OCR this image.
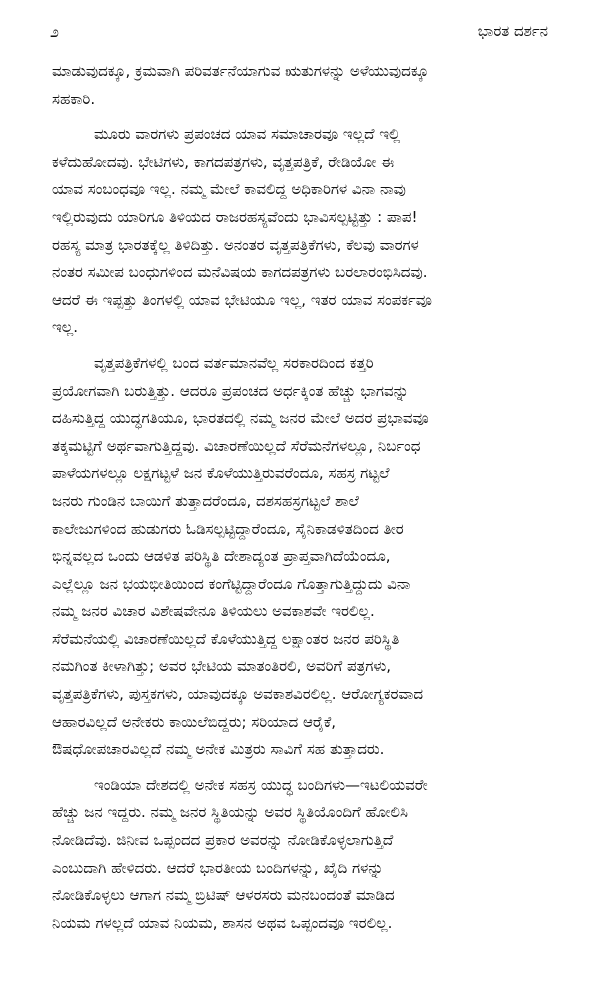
೨	ಭಾರತ ದರ್ಶನ
ಮಾಡುವುದಕ್ಕೂ, ಕ್ರಮವಾಗಿ ಪರಿವರ್ತನೆಯಾಗುವ ಋತುಗಳನ್ನು ಅಳೆಯುವುದಕ್ಕೂ
ಸಹಕಾರಿ.
ಮೂರು ವಾರಗಳು ಪ್ರಪಂಚದ ಯಾವ ಸಮಾಚಾರವೂ ಇಲ್ಲದೆ ಇಲ್ಲಿ
ಕಳೆದುಹೋದವು. ಭೇಟಿಗಳು, ಕಾಗದಪತ್ರಗಳು, ವೃತ್ತಪತ್ರಿಕೆ, ರೇಡಿಯೋ ಈ
ಯಾವ ಸಂಬಂಧವೂ ಇಲ್ಲ. ನಮ್ಮ ಮೇಲೆ ಕಾವಲಿದ್ದ ಅಧಿಕಾರಿಗಳ ವಿನಾ ನಾವು
ಇಲ್ಲಿರುವುದು ಯಾರಿಗೂ ತಿಳಿಯದ ರಾಜರಹಸ್ಯವೆಂದು ಭಾವಿಸಲ್ಪಟ್ಟಿತ್ತು : ಪಾಪ!
ರಹಸ್ಯ ಮಾತ್ರ ಭಾರತಕ್ಕೆಲ್ಲ ತಿಳಿದಿತ್ತು. ಅನಂತರ ವೃತ್ತಪತ್ರಿಕೆಗಳು, ಕೆಲವು ವಾರಗಳ
ನಂತರ ಸಮೀಪ ಬಂಧುಗಳಿಂದ ಮನೆವಿಷಯ ಕಾಗದಪತ್ರಗಳು ಬರಲಾರಂಭಿಸಿದವು.
ಆದರೆ ಈ ಇಪ್ಪತ್ತು ತಿಂಗಳಲ್ಲಿ ಯಾವ ಭೇಟಿಯೂ ಇಲ್ಲ, ಇತರ ಯಾವ ಸಂಪರ್ಕವೂ
ಇಲ್ಲ.
ವೃತ್ತಪತ್ರಿಕೆಗಳಲ್ಲಿ ಬಂದ ವರ್ತಮಾನವೆಲ್ಲ ಸರಕಾರದಿಂದ ಕತ್ತರಿ
ಪ್ರಯೋಗವಾಗಿ ಬರುತ್ತಿತ್ತು. ಆದರೂ ಪ್ರಪಂಚದ ಅರ್ಧಕ್ಕಿಂತ ಹೆಚ್ಚು ಭಾಗವನ್ನು
ದಹಿಸುತ್ತಿದ್ದ ಯುದ್ಧಗತಿಯೂ, ಭಾರತದಲ್ಲಿ ನಮ್ಮ ಜನರ ಮೇಲೆ ಅದರ ಪ್ರಭಾವವೂ
ತಕ್ಕಮಟ್ಟಿಗೆ ಅರ್ಥವಾಗುತ್ತಿದ್ದವು. ವಿಚಾರಣೆಯಿಲ್ಲದೆ ಸೆರೆಮನೆಗಳಲ್ಲೂ, ನಿರ್ಬಂಧ
ಪಾಳೆಯಗಳಲ್ಲೂ ಲಕ್ಷಗಟ್ಟಳೆ ಜನ ಕೊಳೆಯುತ್ತಿರುವರೆಂದೂ, ಸಹಸ್ರ ಗಟ್ಟಲೆ
ಜನರು ಗುಂಡಿನ ಬಾಯಿಗೆ ತುತ್ತಾದರೆಂದೂ, ದಶಸಹಸ್ರಗಟ್ಟಲೆ ಶಾಲೆ
ಕಾಲೇಜುಗಳಿಂದ ಹುಡುಗರು ಓಡಿಸಲ್ಪಟ್ಟಿದ್ದಾರೆಂದೂ, ಸೈನಿಕಾಡಳಿತದಿಂದ ತೀರ
ಭಿನ್ನವಲ್ಲದ ಒಂದು ಆಡಳಿತ ಪರಿಸ್ಥಿತಿ ದೇಶಾದ್ಯಂತ ಪ್ರಾಪ್ತವಾಗಿದೆಯೆಂದೂ,
ಎಲ್ಲೆಲ್ಲೂ ಜನ ಭಯಭೀತಿಯಿಂದ ಕಂಗೆಟ್ಟಿದ್ದಾರೆಂದೂ ಗೊತ್ತಾಗುತ್ತಿದ್ದುದು ವಿನಾ
ನಮ್ಮ ಜನರ ವಿಚಾರ ವಿಶೇಷವೇನೂ ತಿಳಿಯಲು ಅವಕಾಶವೇ ಇರಲಿಲ್ಲ.
ಸೆರೆಮನೆಯಲ್ಲಿ ವಿಚಾರಣೆಯಿಲ್ಲದೆ ಕೊಳೆಯುತ್ತಿದ್ದ ಲಕ್ಷಾಂತರ ಜನರ ಪರಿಸ್ಥಿತಿ
ನಮಗಿಂತ ಕೀಳಾಗಿತ್ತು; ಅವರ ಭೇಟಿಯ ಮಾತಂತಿರಲಿ, ಅವರಿಗೆ ಪತ್ರಗಳು,
ವೃತ್ತಪತ್ರಿಕೆಗಳು, ಪುಸ್ತಕಗಳು, ಯಾವುದಕ್ಕೂ ಅವಕಾಶವಿರಲಿಲ್ಲ. ಆರೋಗ್ಯಕರವಾದ
ಆಹಾರವಿಲ್ಲದೆ ಅನೇಕರು ಕಾಯಿಲೆಬಿದ್ದರು; ಸರಿಯಾದ ಆರೈಕೆ,
ಔಷಧೋಪಚಾರವಿಲ್ಲದೆ ನಮ್ಮ ಅನೇಕ ಮಿತ್ರರು ಸಾವಿಗೆ ಸಹ ತುತ್ತಾದರು.
ಇಂಡಿಯಾ ದೇಶದಲ್ಲಿ ಅನೇಕ ಸಹಸ್ರ ಯುದ್ಧ ಬಂದಿಗಳು—ಇಟಲಿಯವರೇ
ಹೆಚ್ಚು ಜನ ಇದ್ದರು. ನಮ್ಮ ಜನರ ಸ್ಥಿತಿಯನ್ನು ಅವರ ಸ್ಥಿತಿಯೊಂದಿಗೆ ಹೋಲಿಸಿ
ನೋಡಿದೆವು. ಜಿನೀವ ಒಪ್ಪಂದದ ಪ್ರಕಾರ ಅವರನ್ನು ನೋಡಿಕೊಳ್ಳಲಾಗುತ್ತಿದೆ
ಎಂಬುದಾಗಿ ಹೇಳಿದರು. ಆದರೆ ಭಾರತೀಯ ಬಂದಿಗಳನ್ನು, ಖೈದಿ ಗಳನ್ನು
ನೋಡಿಕೊಳ್ಳಲು ಆಗಾಗ ನಮ್ಮ ಬ್ರಿಟಿಷ್ ಆಳರಸರು ಮನಬಂದಂತೆ ಮಾಡಿದ
ನಿಯಮ ಗಳಲ್ಲದೆ ಯಾವ ನಿಯಮ, ಶಾಸನ ಅಥವ ಒಪ್ಪಂದವೂ ಇರಲಿಲ್ಲ.
